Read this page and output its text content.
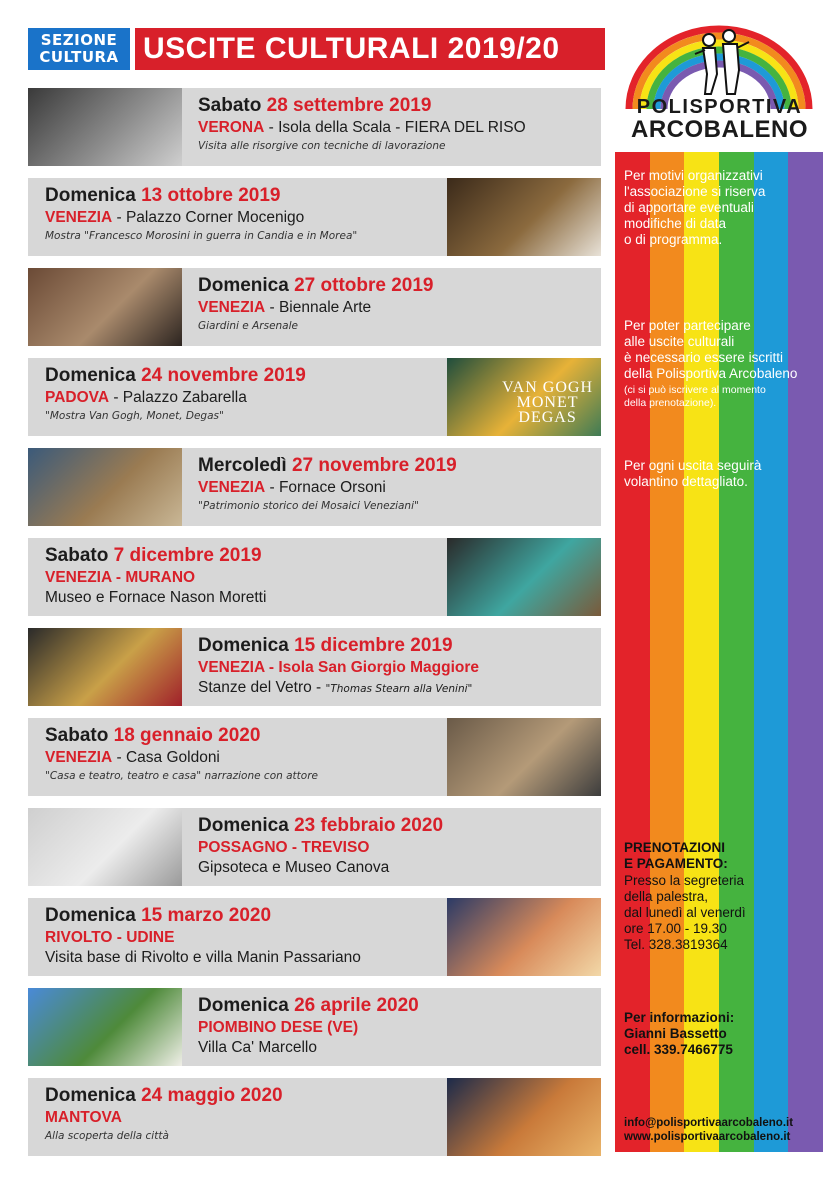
SEZIONE
CULTURA USCITE CULTURALI 2019/20
POLISPORTIVA
ARCOBALENO
Per motivi organizzativi
l'associazione si riserva
di apportare eventuali
modifiche di data
o di programma.
Per poter partecipare
alle uscite culturali
è necessario essere iscritti
della Polisportiva Arcobaleno
(ci si può iscrivere al momento
della prenotazione).
Per ogni uscita seguirà
volantino dettagliato.
PRENOTAZIONI
E PAGAMENTO:
Presso la segreteria
della palestra,
dal lunedì al venerdì
ore 17.00 - 19.30
Tel. 328.3819364
Per informazioni:
Gianni Bassetto
cell. 339.7466775
info@polisportivaarcobaleno.it
www.polisportivaarcobaleno.it
Sabato 28 settembre 2019
VERONA - Isola della Scala - FIERA DEL RISO
Visita alle risorgive con tecniche di lavorazione
Domenica 13 ottobre 2019
VENEZIA - Palazzo Corner Mocenigo
Mostra "Francesco Morosini in guerra in Candia e in Morea"
Domenica 27 ottobre 2019
VENEZIA - Biennale Arte
Giardini e Arsenale
VAN GOGH
MONET
DEGAS
Domenica 24 novembre 2019
PADOVA - Palazzo Zabarella
"Mostra Van Gogh, Monet, Degas"
Mercoledì 27 novembre 2019
VENEZIA - Fornace Orsoni
"Patrimonio storico dei Mosaici Veneziani"
Sabato 7 dicembre 2019
VENEZIA - MURANO
Museo e Fornace Nason Moretti
Domenica 15 dicembre 2019
VENEZIA - Isola San Giorgio Maggiore
Stanze del Vetro - "Thomas Stearn alla Venini"
Sabato 18 gennaio 2020
VENEZIA - Casa Goldoni
"Casa e teatro, teatro e casa" narrazione con attore
Domenica 23 febbraio 2020
POSSAGNO - TREVISO
Gipsoteca e Museo Canova
Domenica 15 marzo 2020
RIVOLTO - UDINE
Visita base di Rivolto e villa Manin Passariano
Domenica 26 aprile 2020
PIOMBINO DESE (VE)
Villa Ca' Marcello
Domenica 24 maggio 2020
MANTOVA
Alla scoperta della città
